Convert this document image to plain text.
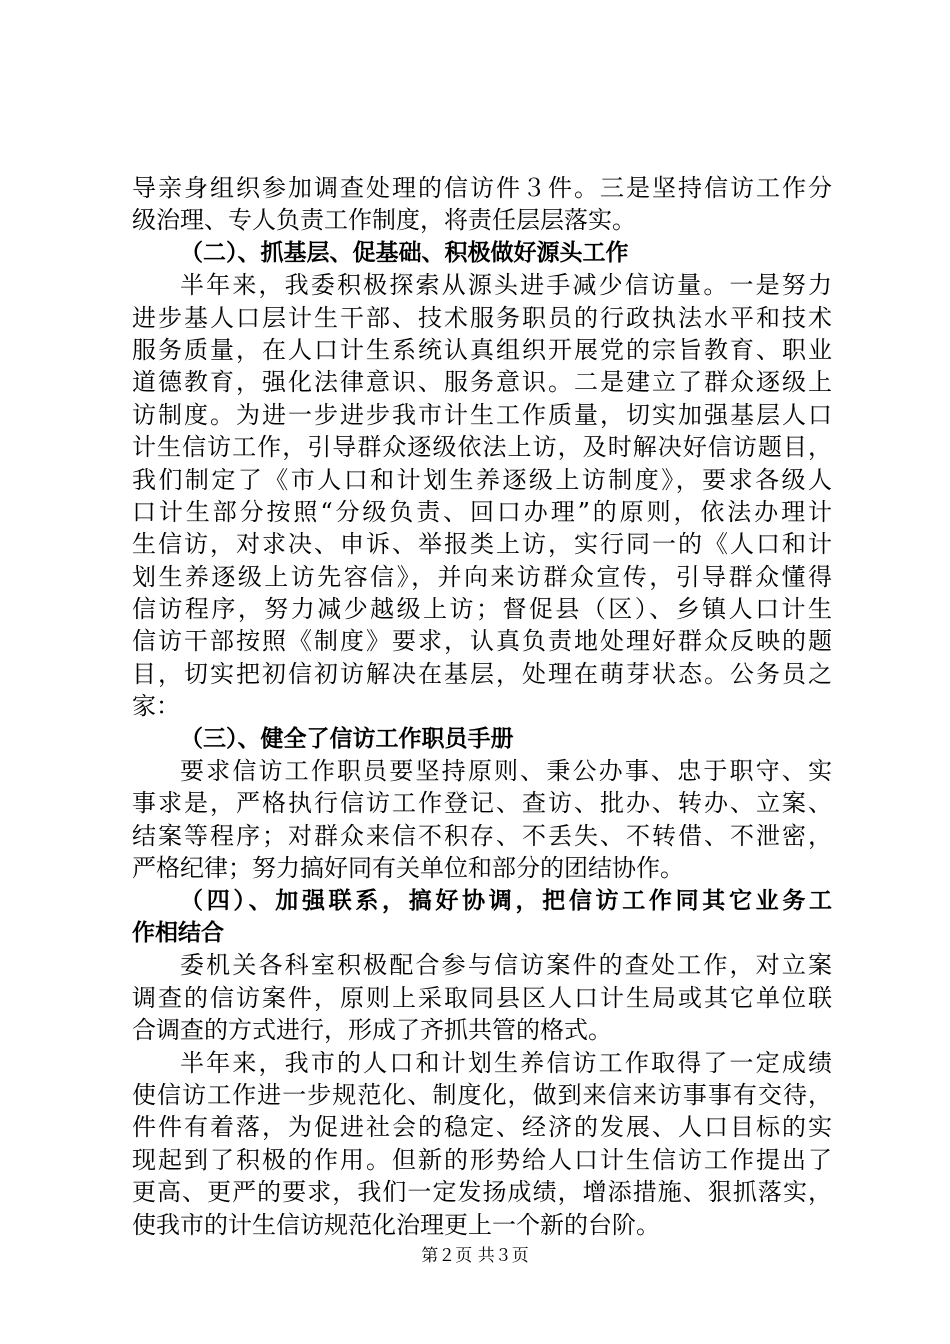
导亲身组织参加调查处理的信访件３件。三是坚持信访工作分
级治理、专人负责工作制度，将责任层层落实。
（二）、抓基层、促基础、积极做好源头工作
半年来，我委积极探索从源头进手减少信访量。一是努力
进步基人口层计生干部、技术服务职员的行政执法水平和技术
服务质量，在人口计生系统认真组织开展党的宗旨教育、职业
道德教育，强化法律意识、服务意识。二是建立了群众逐级上
访制度。为进一步进步我市计生工作质量，切实加强基层人口
计生信访工作，引导群众逐级依法上访，及时解决好信访题目，
我们制定了《市人口和计划生养逐级上访制度》，要求各级人
口计生部分按照“分级负责、回口办理”的原则，依法办理计
生信访，对求决、申诉、举报类上访，实行同一的《人口和计
划生养逐级上访先容信》，并向来访群众宣传，引导群众懂得
信访程序，努力减少越级上访；督促县（区）、乡镇人口计生
信访干部按照《制度》要求，认真负责地处理好群众反映的题
目，切实把初信初访解决在基层，处理在萌芽状态。公务员之
家：
（三）、健全了信访工作职员手册
要求信访工作职员要坚持原则、秉公办事、忠于职守、实
事求是，严格执行信访工作登记、查访、批办、转办、立案、
结案等程序；对群众来信不积存、不丢失、不转借、不泄密，
严格纪律；努力搞好同有关单位和部分的团结协作。
（四）、加强联系，搞好协调，把信访工作同其它业务工
作相结合
委机关各科室积极配合参与信访案件的查处工作，对立案
调查的信访案件，原则上采取同县区人口计生局或其它单位联
合调查的方式进行，形成了齐抓共管的格式。
半年来，我市的人口和计划生养信访工作取得了一定成绩
使信访工作进一步规范化、制度化，做到来信来访事事有交待，
件件有着落，为促进社会的稳定、经济的发展、人口目标的实
现起到了积极的作用。但新的形势给人口计生信访工作提出了
更高、更严的要求，我们一定发扬成绩，增添措施、狠抓落实，
使我市的计生信访规范化治理更上一个新的台阶。
第２页 共３页
